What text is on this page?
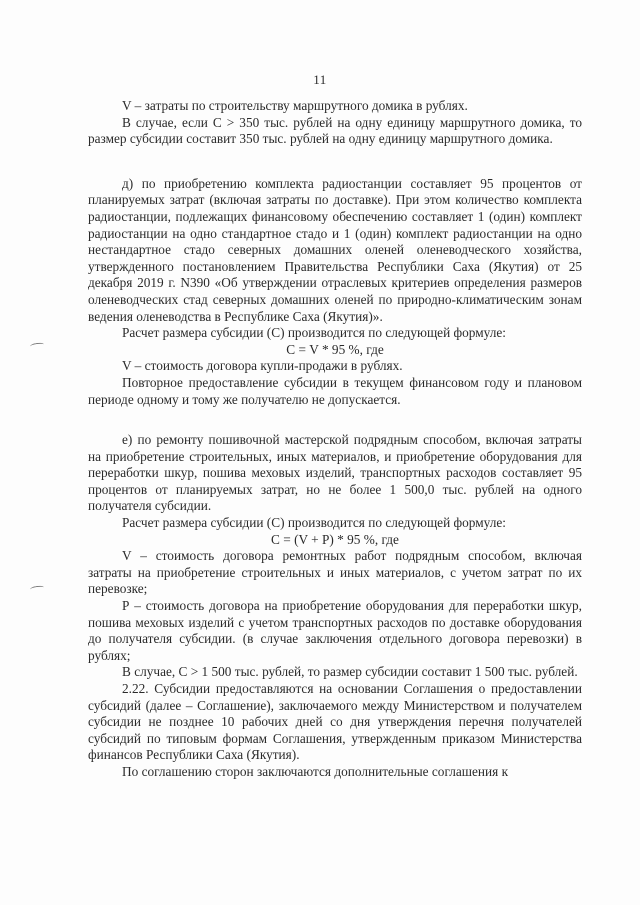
11

V – затраты по строительству маршрутного домика в рублях.

В случае, если С > 350 тыс. рублей на одну единицу маршрутного домика, то размер субсидии составит 350 тыс. рублей на одну единицу маршрутного домика.

д) по приобретению комплекта радиостанции составляет 95 процентов от планируемых затрат (включая затраты по доставке). При этом количество комплекта радиостанции, подлежащих финансовому обеспечению составляет 1 (один) комплект радиостанции на одно стандартное стадо и 1 (один) комплект радиостанции на одно нестандартное стадо северных домашних оленей оленеводческого хозяйства, утвержденного постановлением Правительства Республики Саха (Якутия) от 25 декабря 2019 г. N390 «Об утверждении отраслевых критериев определения размеров оленеводческих стад северных домашних оленей по природно-климатическим зонам ведения оленеводства в Республике Саха (Якутия)».

Расчет размера субсидии (С) производится по следующей формуле:

С = V * 95 %, где

V – стоимость договора купли-продажи в рублях.

Повторное предоставление субсидии в текущем финансовом году и плановом периоде одному и тому же получателю не допускается.

е) по ремонту пошивочной мастерской подрядным способом, включая затраты на приобретение строительных, иных материалов, и приобретение оборудования для переработки шкур, пошива меховых изделий, транспортных расходов составляет 95 процентов от планируемых затрат, но не более 1 500,0 тыс. рублей на одного получателя субсидии.

Расчет размера субсидии (С) производится по следующей формуле:

С = (V + P) * 95 %, где

V – стоимость договора ремонтных работ подрядным способом, включая затраты на приобретение строительных и иных материалов, с учетом затрат по их перевозке;

Р – стоимость договора на приобретение оборудования для переработки шкур, пошива меховых изделий с учетом транспортных расходов по доставке оборудования до получателя субсидии. (в случае заключения отдельного договора перевозки) в рублях;

В случае, С > 1 500 тыс. рублей, то размер субсидии составит 1 500 тыс. рублей.

2.22. Субсидии предоставляются на основании Соглашения о предоставлении субсидий (далее – Соглашение), заключаемого между Министерством и получателем субсидии не позднее 10 рабочих дней со дня утверждения перечня получателей субсидий по типовым формам Соглашения, утвержденным приказом Министерства финансов Республики Саха (Якутия).

По соглашению сторон заключаются дополнительные соглашения к
